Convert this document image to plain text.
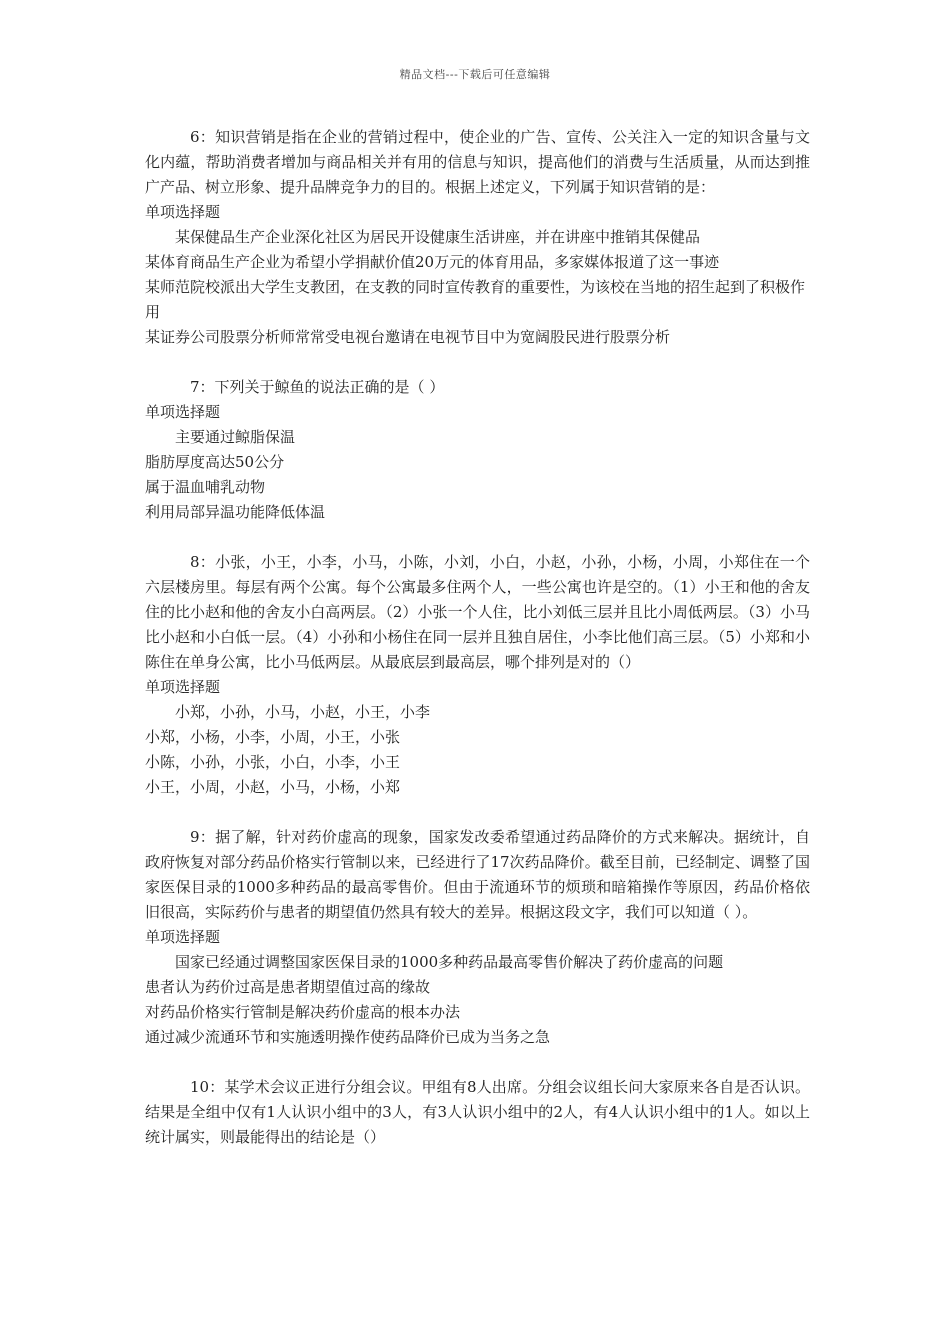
精品文档---下载后可任意编辑

6：知识营销是指在企业的营销过程中，使企业的广告、宣传、公关注入一定的知识含量与文化内蕴，帮助消费者增加与商品相关并有用的信息与知识，提高他们的消费与生活质量，从而达到推广产品、树立形象、提升品牌竞争力的目的。根据上述定义，下列属于知识营销的是：

单项选择题

某保健品生产企业深化社区为居民开设健康生活讲座，并在讲座中推销其保健品

某体育商品生产企业为希望小学捐献价值20万元的体育用品，多家媒体报道了这一事迹

某师范院校派出大学生支教团，在支教的同时宣传教育的重要性，为该校在当地的招生起到了积极作用

某证券公司股票分析师常常受电视台邀请在电视节目中为宽阔股民进行股票分析

7：下列关于鲸鱼的说法正确的是（ ）

单项选择题

主要通过鲸脂保温

脂肪厚度高达50公分

属于温血哺乳动物

利用局部异温功能降低体温

8：小张，小王，小李，小马，小陈，小刘，小白，小赵，小孙，小杨，小周，小郑住在一个六层楼房里。每层有两个公寓。每个公寓最多住两个人，一些公寓也许是空的。（1）小王和他的舍友住的比小赵和他的舍友小白高两层。（2）小张一个人住，比小刘低三层并且比小周低两层。（3）小马比小赵和小白低一层。（4）小孙和小杨住在同一层并且独自居住，小李比他们高三层。（5）小郑和小陈住在单身公寓，比小马低两层。从最底层到最高层，哪个排列是对的（）

单项选择题

小郑，小孙，小马，小赵，小王，小李

小郑，小杨，小李，小周，小王，小张

小陈，小孙，小张，小白，小李，小王

小王，小周，小赵，小马，小杨，小郑

9：据了解，针对药价虚高的现象，国家发改委希望通过药品降价的方式来解决。据统计，自政府恢复对部分药品价格实行管制以来，已经进行了17次药品降价。截至目前，已经制定、调整了国家医保目录的1000多种药品的最高零售价。但由于流通环节的烦琐和暗箱操作等原因，药品价格依旧很高，实际药价与患者的期望值仍然具有较大的差异。根据这段文字，我们可以知道（ ）。

单项选择题

国家已经通过调整国家医保目录的1000多种药品最高零售价解决了药价虚高的问题

患者认为药价过高是患者期望值过高的缘故

对药品价格实行管制是解决药价虚高的根本办法

通过减少流通环节和实施透明操作使药品降价已成为当务之急

10：某学术会议正进行分组会议。甲组有8人出席。分组会议组长问大家原来各自是否认识。结果是全组中仅有1人认识小组中的3人，有3人认识小组中的2人，有4人认识小组中的1人。如以上统计属实，则最能得出的结论是（）
